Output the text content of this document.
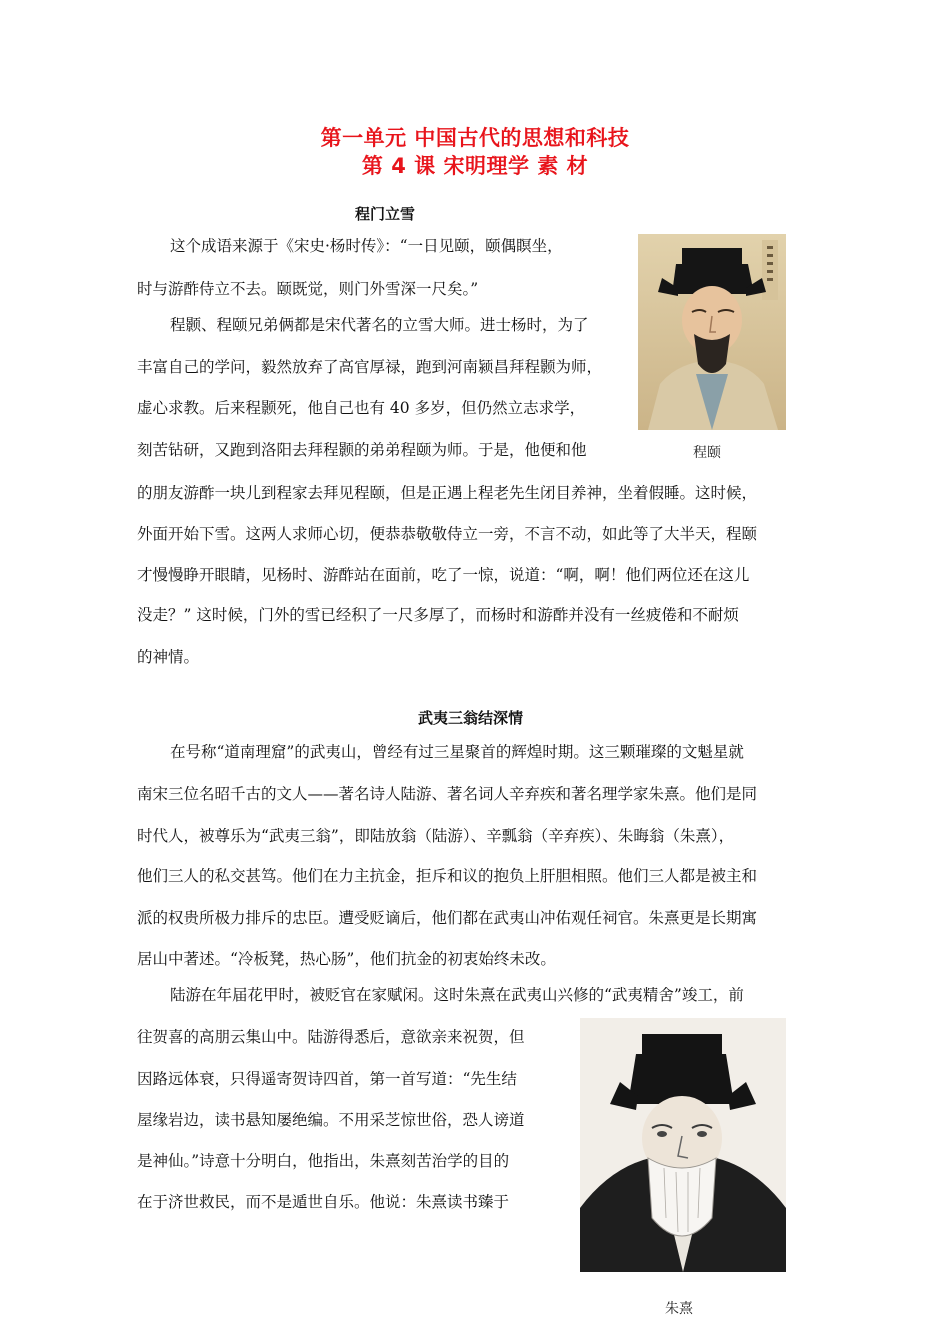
第一单元 中国古代的思想和科技
第 4 课 宋明理学 素 材
程门立雪
这个成语来源于《宋史·杨时传》：“一日见颐，颐偶瞑坐，
时与游酢侍立不去。颐既觉，则门外雪深一尺矣。”
程颢、程颐兄弟俩都是宋代著名的立雪大师。进士杨时，为了
丰富自己的学问，毅然放弃了高官厚禄，跑到河南颍昌拜程颢为师，
虚心求教。后来程颢死，他自己也有 40 多岁，但仍然立志求学，
刻苦钻研，又跑到洛阳去拜程颢的弟弟程颐为师。于是，他便和他
的朋友游酢一块儿到程家去拜见程颐，但是正遇上程老先生闭目养神，坐着假睡。这时候，
外面开始下雪。这两人求师心切，便恭恭敬敬侍立一旁，不言不动，如此等了大半天，程颐
才慢慢睁开眼睛，见杨时、游酢站在面前，吃了一惊，说道：“啊，啊！他们两位还在这儿
没走？” 这时候，门外的雪已经积了一尺多厚了，而杨时和游酢并没有一丝疲倦和不耐烦
的神情。
程颐
武夷三翁结深情
在号称“道南理窟”的武夷山，曾经有过三星聚首的辉煌时期。这三颗璀璨的文魁星就
南宋三位名昭千古的文人——著名诗人陆游、著名词人辛弃疾和著名理学家朱熹。他们是同
时代人，被尊乐为“武夷三翁”，即陆放翁（陆游）、辛瓢翁（辛弃疾）、朱晦翁（朱熹），
他们三人的私交甚笃。他们在力主抗金，拒斥和议的抱负上肝胆相照。他们三人都是被主和
派的权贵所极力排斥的忠臣。遭受贬谪后，他们都在武夷山冲佑观任祠官。朱熹更是长期寓
居山中著述。“冷板凳，热心肠”，他们抗金的初衷始终未改。
陆游在年届花甲时，被贬官在家赋闲。这时朱熹在武夷山兴修的“武夷精舍”竣工，前
往贺喜的高朋云集山中。陆游得悉后，意欲亲来祝贺，但
因路远体衰，只得遥寄贺诗四首，第一首写道：“先生结
屋缘岩边，读书悬知屡绝编。不用采芝惊世俗，恐人谤道
是神仙。”诗意十分明白，他指出，朱熹刻苦治学的目的
在于济世救民，而不是遁世自乐。他说：朱熹读书臻于
朱熹
